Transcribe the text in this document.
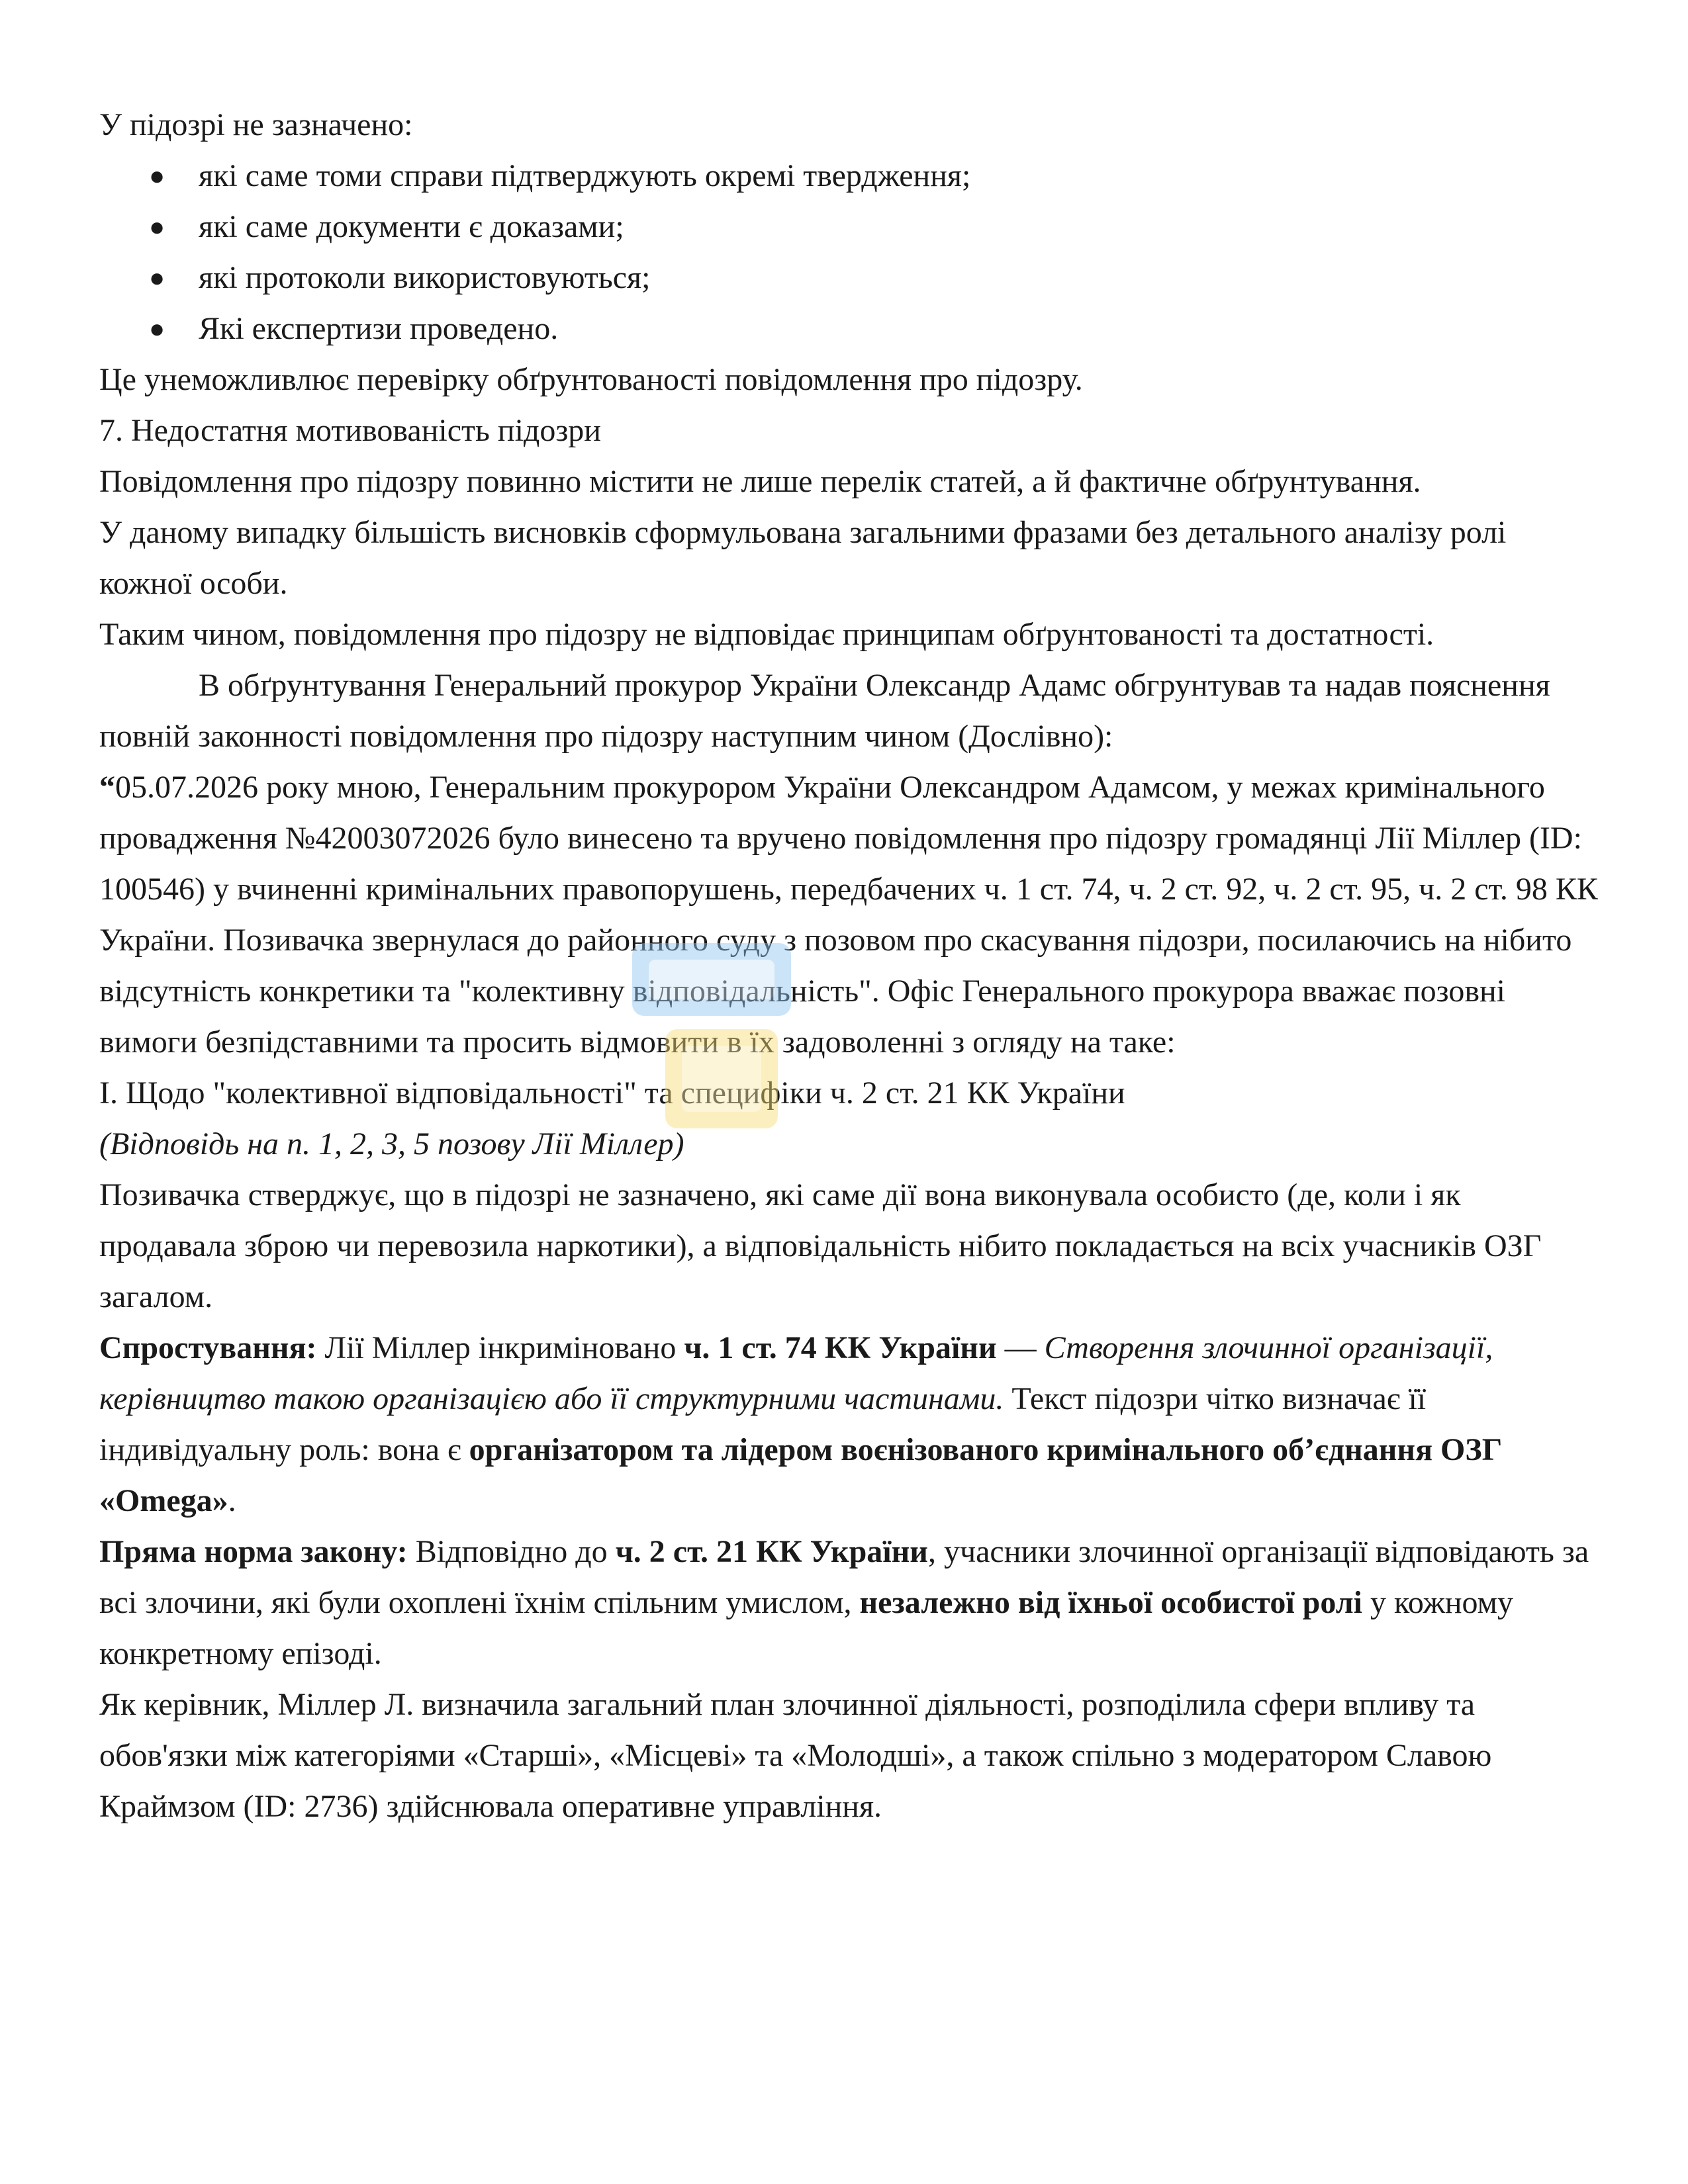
У підозрі не зазначено:

● які саме томи справи підтверджують окремі твердження;
● які саме документи є доказами;
● які протоколи використовуються;
● Які експертизи проведено.

Це унеможливлює перевірку обґрунтованості повідомлення про підозру.

7. Недостатня мотивованість підозри

Повідомлення про підозру повинно містити не лише перелік статей, а й фактичне обґрунтування.

У даному випадку більшість висновків сформульована загальними фразами без детального аналізу ролі кожної особи.

Таким чином, повідомлення про підозру не відповідає принципам обґрунтованості та достатності.

В обґрунтування Генеральний прокурор України Олександр Адамс обгрунтував та надав пояснення повній законності повідомлення про підозру наступним чином (Дослівно):

“05.07.2026 року мною, Генеральним прокурором України Олександром Адамсом, у межах кримінального провадження №42003072026 було винесено та вручено повідомлення про підозру громадянці Лії Міллер (ID: 100546) у вчиненні кримінальних правопорушень, передбачених ч. 1 ст. 74, ч. 2 ст. 92, ч. 2 ст. 95, ч. 2 ст. 98 КК України. Позивачка звернулася до районного суду з позовом про скасування підозри, посилаючись на нібито відсутність конкретики та "колективну відповідальність". Офіс Генерального прокурора вважає позовні вимоги безпідставними та просить відмовити в їх задоволенні з огляду на таке:

І. Щодо "колективної відповідальності" та специфіки ч. 2 ст. 21 КК України

(Відповідь на п. 1, 2, 3, 5 позову Лії Міллер)

Позивачка стверджує, що в підозрі не зазначено, які саме дії вона виконувала особисто (де, коли і як продавала зброю чи перевозила наркотики), а відповідальність нібито покладається на всіх учасників ОЗГ загалом.

Спростування: Лії Міллер інкриміновано ч. 1 ст. 74 КК України — Створення злочинної організації, керівництво такою організацією або її структурними частинами. Текст підозри чітко визначає її індивідуальну роль: вона є організатором та лідером воєнізованого кримінального об’єднання ОЗГ «Omega».

Пряма норма закону: Відповідно до ч. 2 ст. 21 КК України, учасники злочинної організації відповідають за всі злочини, які були охоплені їхнім спільним умислом, незалежно від їхньої особистої ролі у кожному конкретному епізоді.

Як керівник, Міллер Л. визначила загальний план злочинної діяльності, розподілила сфери впливу та обов'язки між категоріями «Старші», «Місцеві» та «Молодші», а також спільно з модератором Славою Краймзом (ID: 2736) здійснювала оперативне управління.
